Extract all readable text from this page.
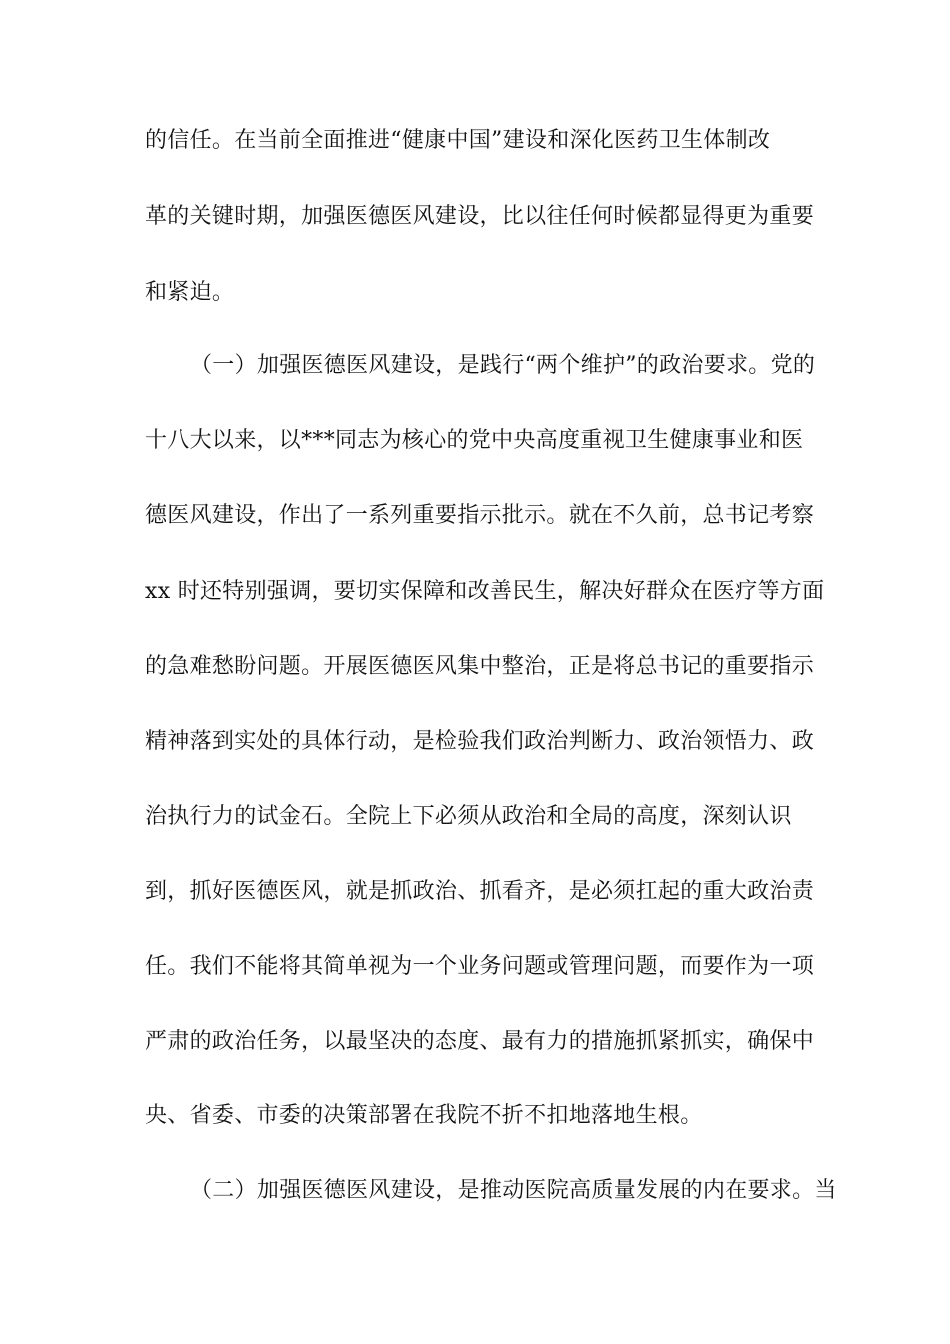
的信任。在当前全面推进“健康中国”建设和深化医药卫生体制改
革的关键时期，加强医德医风建设，比以往任何时候都显得更为重要
和紧迫。
（一）加强医德医风建设，是践行“两个维护”的政治要求。党的
十八大以来，以***同志为核心的党中央高度重视卫生健康事业和医
德医风建设，作出了一系列重要指示批示。就在不久前，总书记考察
xx 时还特别强调，要切实保障和改善民生，解决好群众在医疗等方面
的急难愁盼问题。开展医德医风集中整治，正是将总书记的重要指示
精神落到实处的具体行动，是检验我们政治判断力、政治领悟力、政
治执行力的试金石。全院上下必须从政治和全局的高度，深刻认识
到，抓好医德医风，就是抓政治、抓看齐，是必须扛起的重大政治责
任。我们不能将其简单视为一个业务问题或管理问题，而要作为一项
严肃的政治任务，以最坚决的态度、最有力的措施抓紧抓实，确保中
央、省委、市委的决策部署在我院不折不扣地落地生根。
（二）加强医德医风建设，是推动医院高质量发展的内在要求。当
